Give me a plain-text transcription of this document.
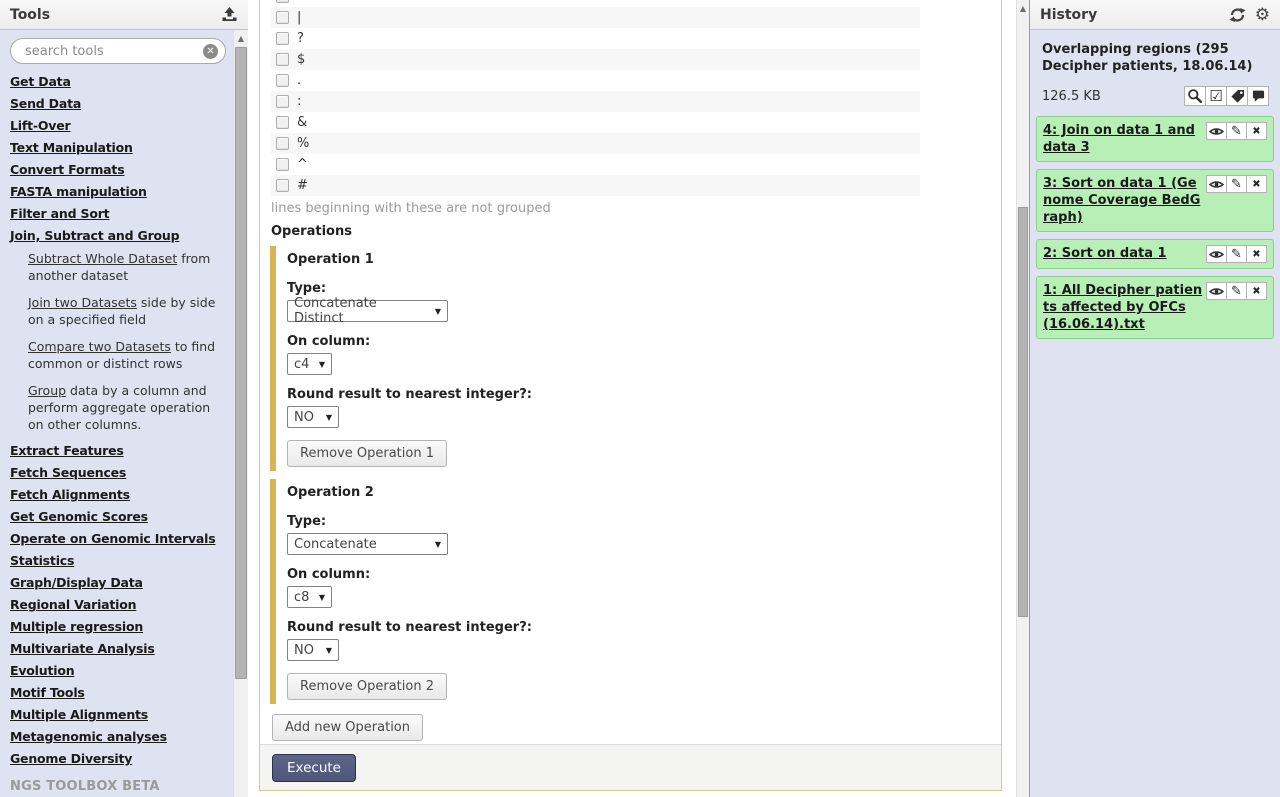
Tools
search tools
✕
Get Data
Send Data
Lift-Over
Text Manipulation
Convert Formats
FASTA manipulation
Filter and Sort
Join, Subtract and Group
Subtract Whole Dataset from another dataset
Join two Datasets side by side on a specified field
Compare two Datasets to find common or distinct rows
Group data by a column and perform aggregate operation on other columns.
Extract Features
Fetch Sequences
Fetch Alignments
Get Genomic Scores
Operate on Genomic Intervals
Statistics
Graph/Display Data
Regional Variation
Multiple regression
Multivariate Analysis
Evolution
Motif Tools
Multiple Alignments
Metagenomic analyses
Genome Diversity
NGS TOOLBOX BETA
▲
|
?
$
.
:
&
%
^
#
lines beginning with these are not grouped
Operations
Operation 1
Type:
Concatenate Distinct	▼
On column:
c4 ▼
Round result to nearest integer?:
NO ▼
Remove Operation 1
Operation 2
Type:
Concatenate	▼
On column:
c8 ▼
Round result to nearest integer?:
NO ▼
Remove Operation 2
Add new Operation
Execute
▲ History	⚙
Overlapping regions (295 Decipher patients, 18.06.14)
126.5 KB	☑
✎ ✖
4: Join on data 1 and data 3
✎ ✖
3: Sort on data 1 (Genome Coverage BedGraph)
✎ ✖
2: Sort on data 1
✎ ✖
1: All Decipher patients affected by OFCs (16.06.14).txt
